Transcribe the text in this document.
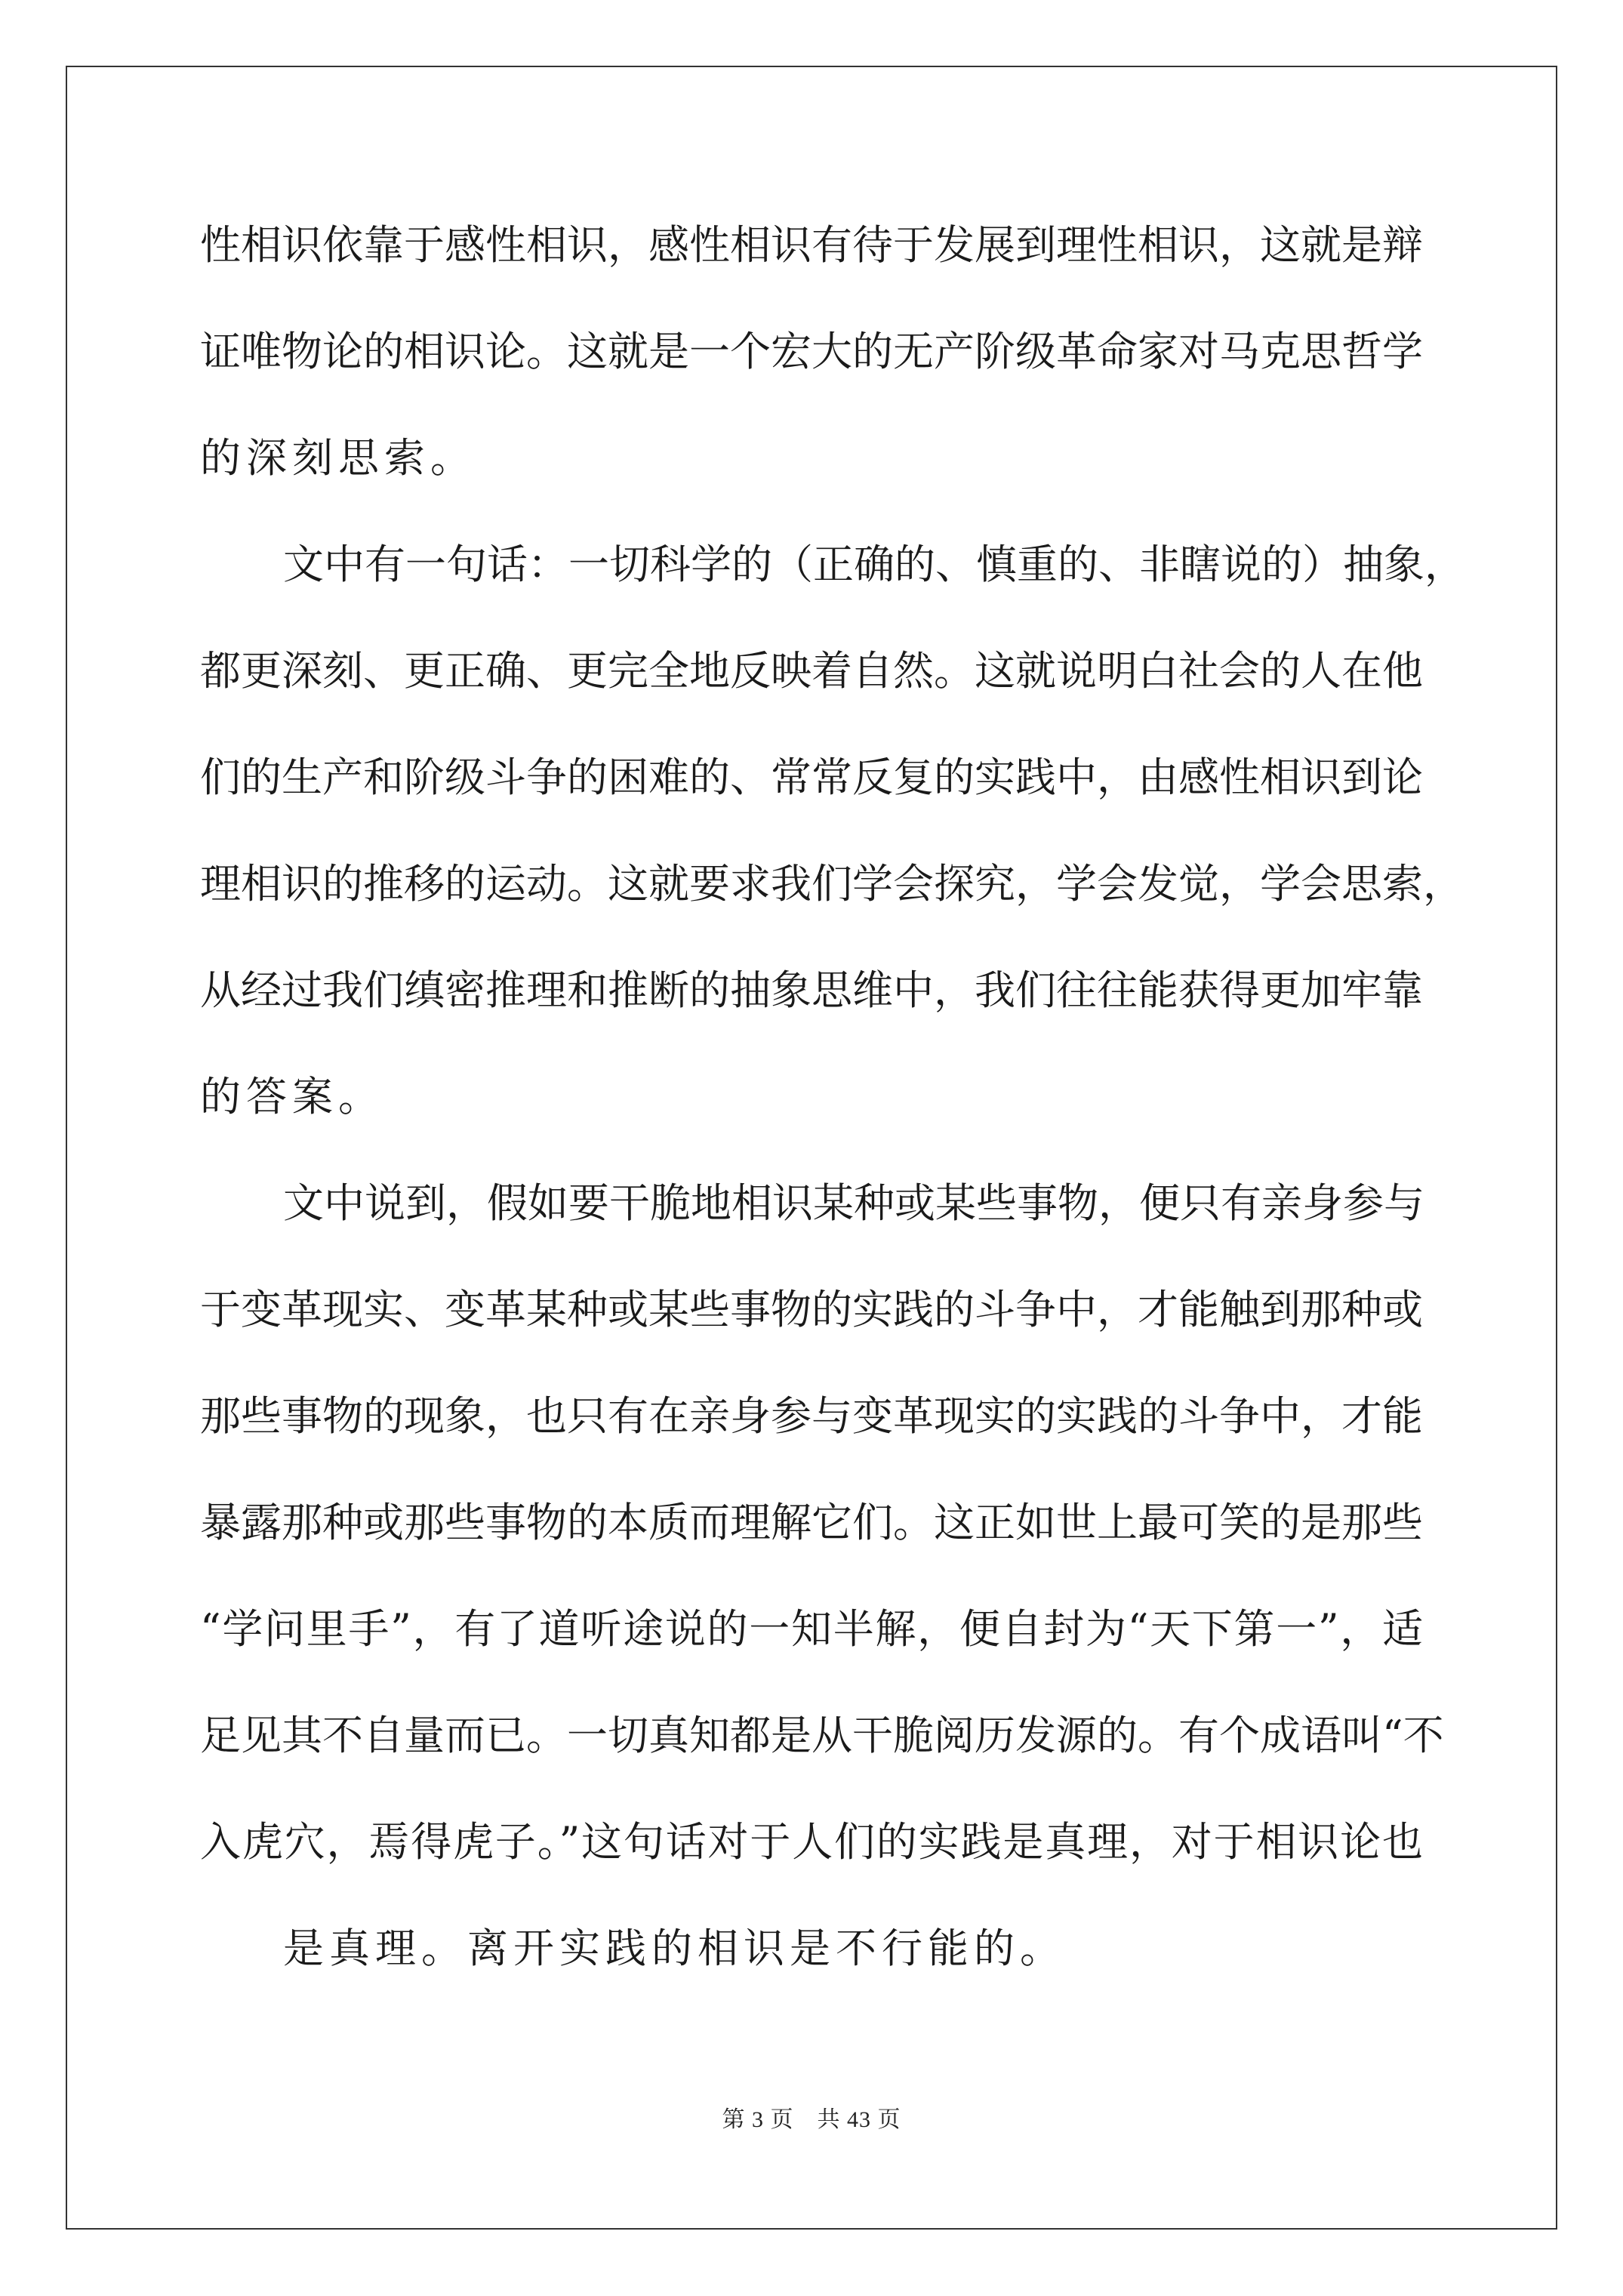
性相识依靠于感性相识，感性相识有待于发展到理性相识，这就是辩
证唯物论的相识论。这就是一个宏大的无产阶级革命家对马克思哲学
的深刻思索。
文中有一句话：一切科学的（正确的、慎重的、非瞎说的）抽象，
都更深刻、更正确、更完全地反映着自然。这就说明白社会的人在他
们的生产和阶级斗争的困难的、常常反复的实践中，由感性相识到论
理相识的推移的运动。这就要求我们学会探究，学会发觉，学会思索，
从经过我们缜密推理和推断的抽象思维中，我们往往能获得更加牢靠
的答案。
文中说到，假如要干脆地相识某种或某些事物，便只有亲身参与
于变革现实、变革某种或某些事物的实践的斗争中，才能触到那种或
那些事物的现象，也只有在亲身参与变革现实的实践的斗争中，才能
暴露那种或那些事物的本质而理解它们。这正如世上最可笑的是那些
“学问里手”，有了道听途说的一知半解，便自封为“天下第一”，适
足见其不自量而已。一切真知都是从干脆阅历发源的。有个成语叫“不
入虎穴，焉得虎子。”这句话对于人们的实践是真理，对于相识论也
是真理。离开实践的相识是不行能的。
第 3 页　共 43 页
